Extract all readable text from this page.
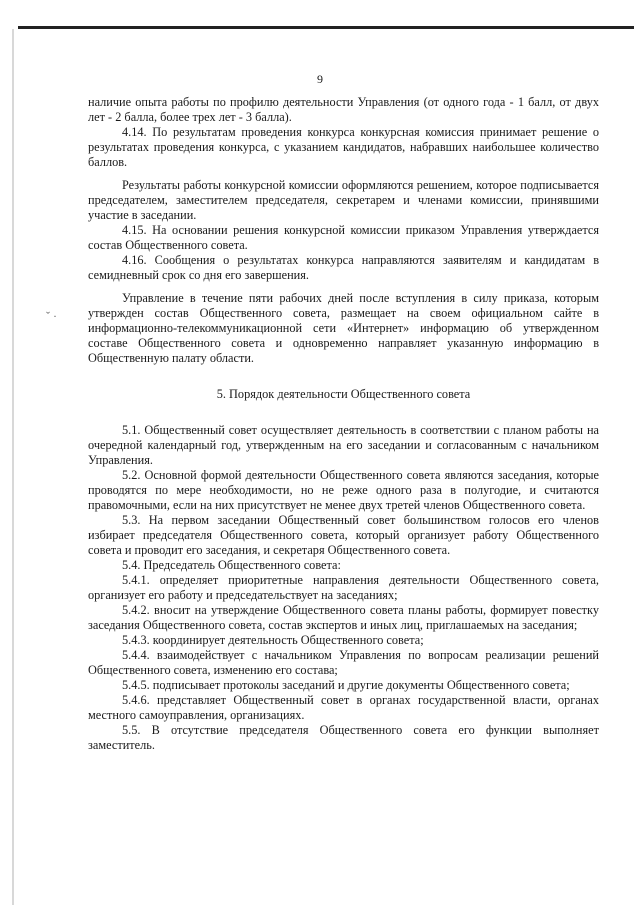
9
ˇ ·

наличие опыта работы по профилю деятельности Управления (от одного года - 1 балл, от двух лет - 2 балла, более трех лет - 3 балла).

4.14. По результатам проведения конкурса конкурсная комиссия принимает решение о результатах проведения конкурса, с указанием кандидатов, набравших наибольшее количество баллов.

Результаты работы конкурсной комиссии оформляются решением, которое подписывается председателем, заместителем председателя, секретарем и членами комиссии, принявшими участие в заседании.

4.15. На основании решения конкурсной комиссии приказом Управления утверждается состав Общественного совета.

4.16. Сообщения о результатах конкурса направляются заявителям и кандидатам в семидневный срок со дня его завершения.

Управление в течение пяти рабочих дней после вступления в силу приказа, которым утвержден состав Общественного совета, размещает на своем официальном сайте в информационно-телекоммуникационной сети «Интернет» информацию об утвержденном составе Общественного совета и одновременно направляет указанную информацию в Общественную палату области.

5. Порядок деятельности Общественного совета

5.1. Общественный совет осуществляет деятельность в соответствии с планом работы на очередной календарный год, утвержденным на его заседании и согласованным с начальником Управления.

5.2. Основной формой деятельности Общественного совета являются заседания, которые проводятся по мере необходимости, но не реже одного раза в полугодие, и считаются правомочными, если на них присутствует не менее двух третей членов Общественного совета.

5.3. На первом заседании Общественный совет большинством голосов его членов избирает председателя Общественного совета, который организует работу Общественного совета и проводит его заседания, и секретаря Общественного совета.

5.4. Председатель Общественного совета:

5.4.1. определяет приоритетные направления деятельности Общественного совета, организует его работу и председательствует на заседаниях;

5.4.2. вносит на утверждение Общественного совета планы работы, формирует повестку заседания Общественного совета, состав экспертов и иных лиц, приглашаемых на заседания;

5.4.3. координирует деятельность Общественного совета;

5.4.4. взаимодействует с начальником Управления по вопросам реализации решений Общественного совета, изменению его состава;

5.4.5. подписывает протоколы заседаний и другие документы Общественного совета;

5.4.6. представляет Общественный совет в органах государственной власти, органах местного самоуправления, организациях.

5.5. В отсутствие председателя Общественного совета его функции выполняет заместитель.
